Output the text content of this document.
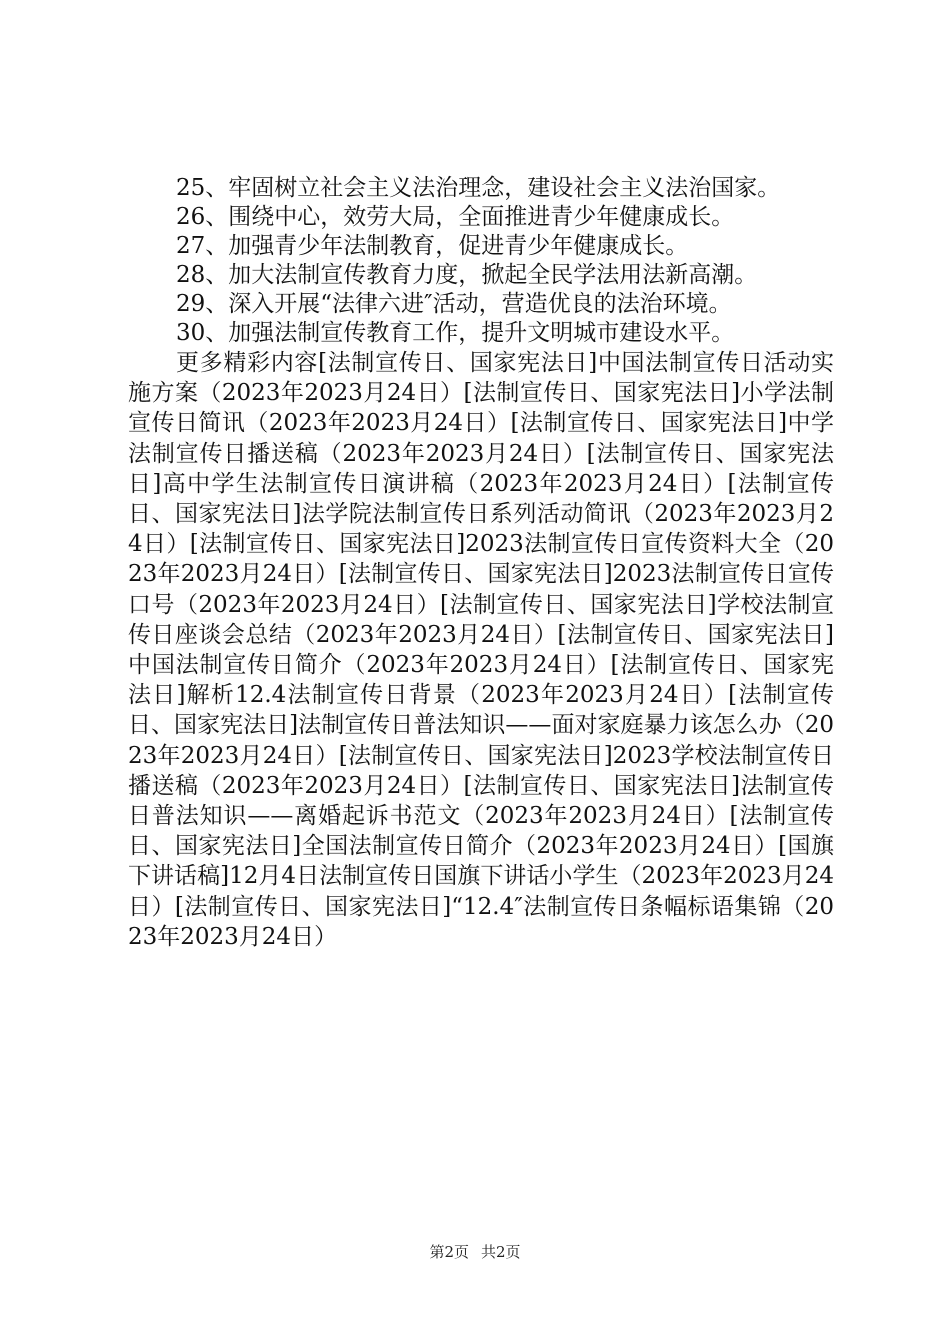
25、牢固树立社会主义法治理念，建设社会主义法治国家。
26、围绕中心，效劳大局，全面推进青少年健康成长。
27、加强青少年法制教育，促进青少年健康成长。
28、加大法制宣传教育力度，掀起全民学法用法新高潮。
29、深入开展“法律六进″活动，营造优良的法治环境。
30、加强法制宣传教育工作，提升文明城市建设水平。

更多精彩内容[法制宣传日、国家宪法日]中国法制宣传日活动实施方案（2023年2023月24日）[法制宣传日、国家宪法日]小学法制宣传日简讯（2023年2023月24日）[法制宣传日、国家宪法日]中学法制宣传日播送稿（2023年2023月24日）[法制宣传日、国家宪法日]高中学生法制宣传日演讲稿（2023年2023月24日）[法制宣传日、国家宪法日]法学院法制宣传日系列活动简讯（2023年2023月24日）[法制宣传日、国家宪法日]2023法制宣传日宣传资料大全（2023年2023月24日）[法制宣传日、国家宪法日]2023法制宣传日宣传口号（2023年2023月24日）[法制宣传日、国家宪法日]学校法制宣传日座谈会总结（2023年2023月24日）[法制宣传日、国家宪法日]中国法制宣传日简介（2023年2023月24日）[法制宣传日、国家宪法日]解析12.4法制宣传日背景（2023年2023月24日）[法制宣传日、国家宪法日]法制宣传日普法知识——面对家庭暴力该怎么办（2023年2023月24日）[法制宣传日、国家宪法日]2023学校法制宣传日播送稿（2023年2023月24日）[法制宣传日、国家宪法日]法制宣传日普法知识——离婚起诉书范文（2023年2023月24日）[法制宣传日、国家宪法日]全国法制宣传日简介（2023年2023月24日）[国旗下讲话稿]12月4日法制宣传日国旗下讲话小学生（2023年2023月24日）[法制宣传日、国家宪法日]“12.4″法制宣传日条幅标语集锦（2023年2023月24日）

第2页 共2页
